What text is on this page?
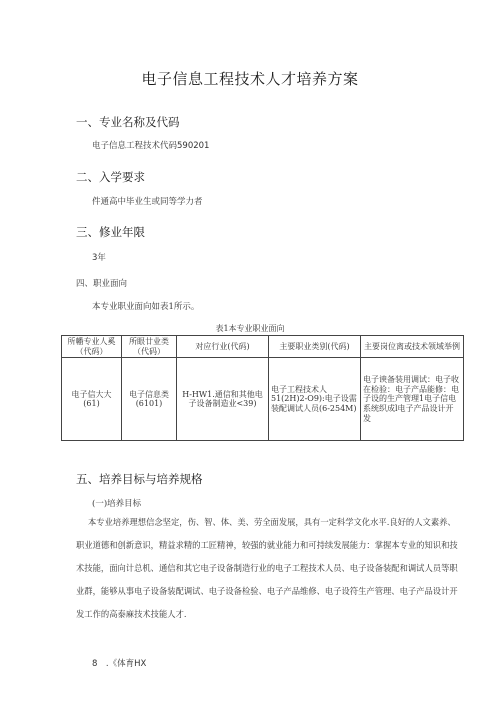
电子信息工程技术人才培养方案
一、专业名称及代码
电子信息工程技术代码590201
二、入学要求
件通高中毕业生或同等学力者
三、修业年限
3年
四、职业面向
本专业职业面向如表1所示。
表1本专业职业面向
所幡专业人奚（代码）	所眼廿业类（代码）	对应行业(代码)	主要职业类别(代码)	主要岗位离或技术领域举例
电子信大大(61)	电子信息类(6101)	H-HW1.通信和其他电子设备制造业<39)	电子工程技术人51(2H)2-O9):电子设需装配调试人员(6-254M)	电子谀备装用调试：电子收在检验：电子产品能修：电子设的生产管理1电子信电系统织成l电子产品设计开发
五、培养目标与培养规格
(一)培养目标
本专业培养理想信念坚定，伤、智、体、美、劳全面发展，具有一定科学文化水平.良好的人文素养、
职业道德和创新意识，精益求精的工匠精神，较强的就业能力和可持续发展能力：掌握本专业的知识和技
术技能，面向计总机、通信和其它电子设备制造行业的电子工程技术人员、电子设备装配和调试人员等职
业群，能够从事电子设备装配调试、电子设备检验、电子产品维修、电子设符生产管理、电子产品设计开
发工作的高泰麻技术技能人才.
8　.《体育HX
